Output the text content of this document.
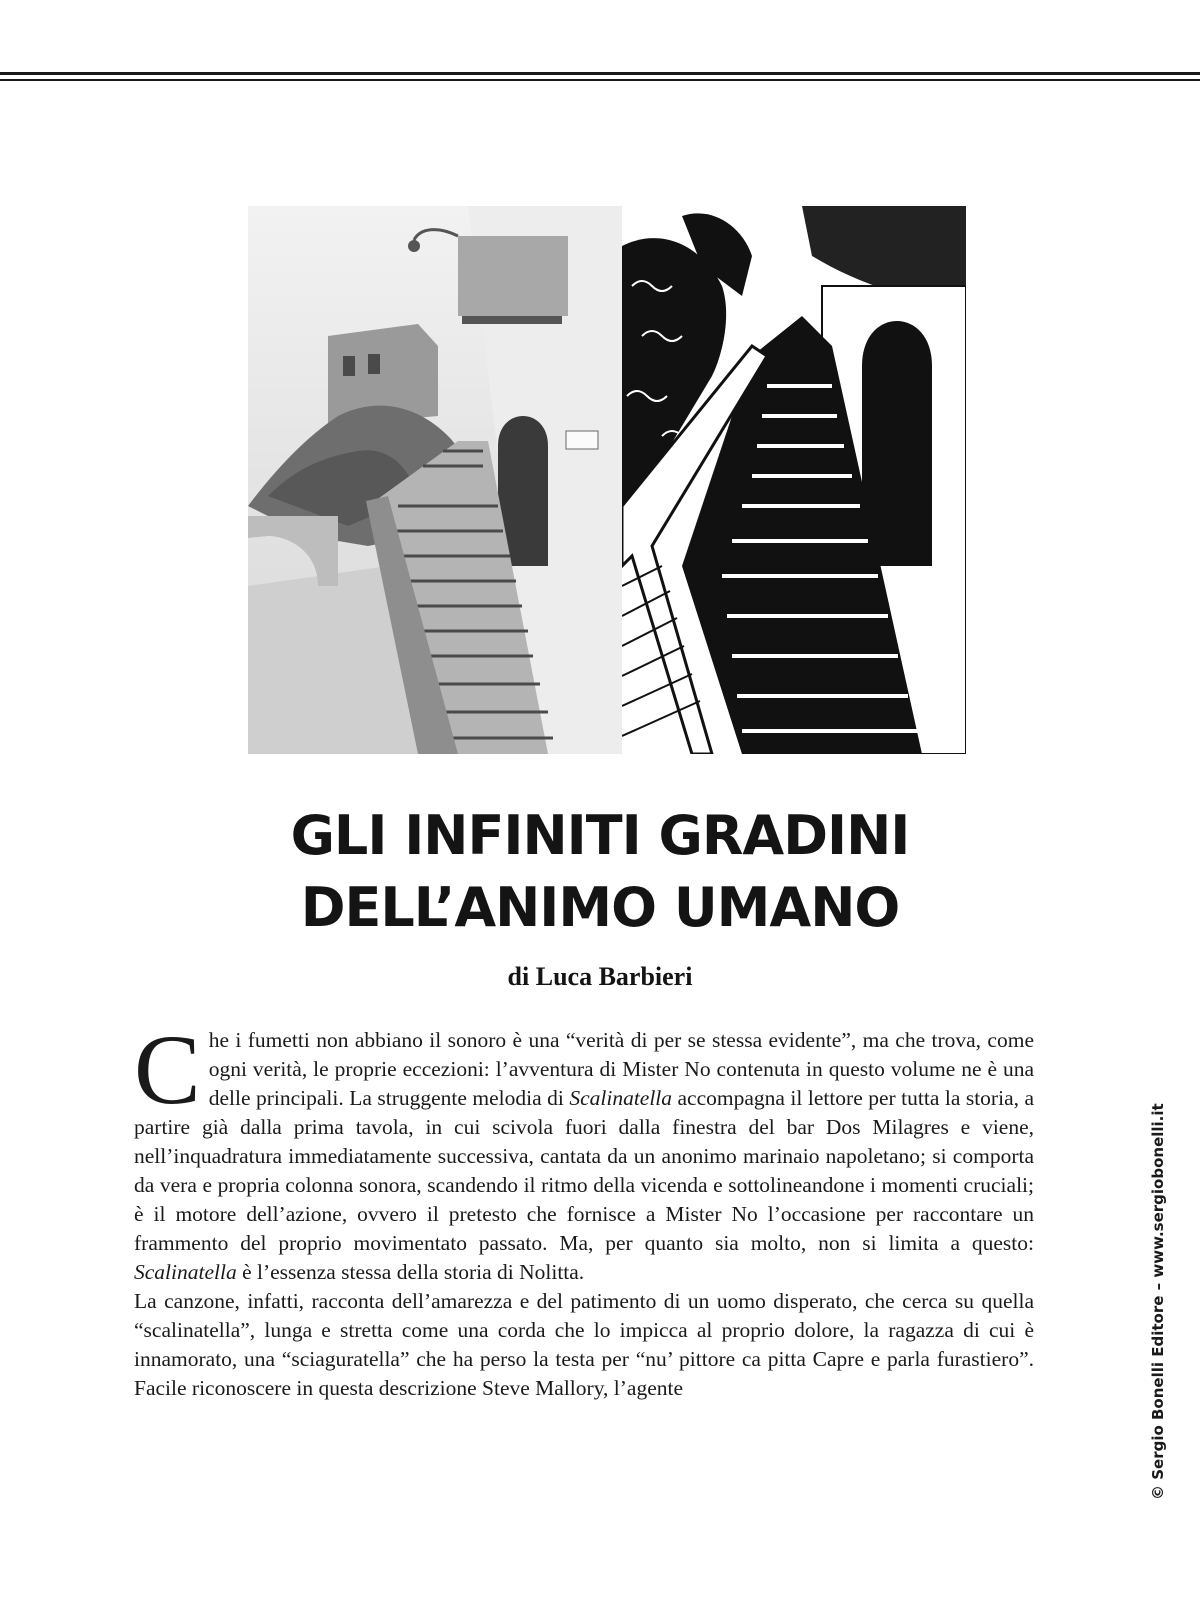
GLI INFINITI GRADINI
DELL’ANIMO UMANO
di Luca Barbieri

Che i fumetti non abbiano il sonoro è una “verità di per se stessa evidente”, ma che trova, come ogni verità, le proprie eccezioni: l’avventura di Mister No contenuta in questo volume ne è una delle principali. La struggente melodia di Scalinatella accompagna il lettore per tutta la storia, a partire già dalla prima tavola, in cui scivola fuori dalla finestra del bar Dos Milagres e viene, nell’inquadratura immediatamente successiva, cantata da un anonimo marinaio napoletano; si comporta da vera e propria colonna sonora, scandendo il ritmo della vicenda e sottolineandone i momenti cruciali; è il motore dell’azione, ovvero il pretesto che fornisce a Mister No l’occasione per raccontare un frammento del proprio movimentato passato. Ma, per quanto sia molto, non si limita a questo: Scalinatella è l’essenza stessa della storia di Nolitta.

La canzone, infatti, racconta dell’amarezza e del patimento di un uomo disperato, che cerca su quella “scalinatella”, lunga e stretta come una corda che lo impicca al proprio dolore, la ragazza di cui è innamorato, una “sciaguratella” che ha perso la testa per “nu’ pittore ca pitta Capre e parla furastiero”. Facile riconoscere in questa descrizione Steve Mallory, l’agente	© Sergio Bonelli Editore – www.sergiobonelli.it
